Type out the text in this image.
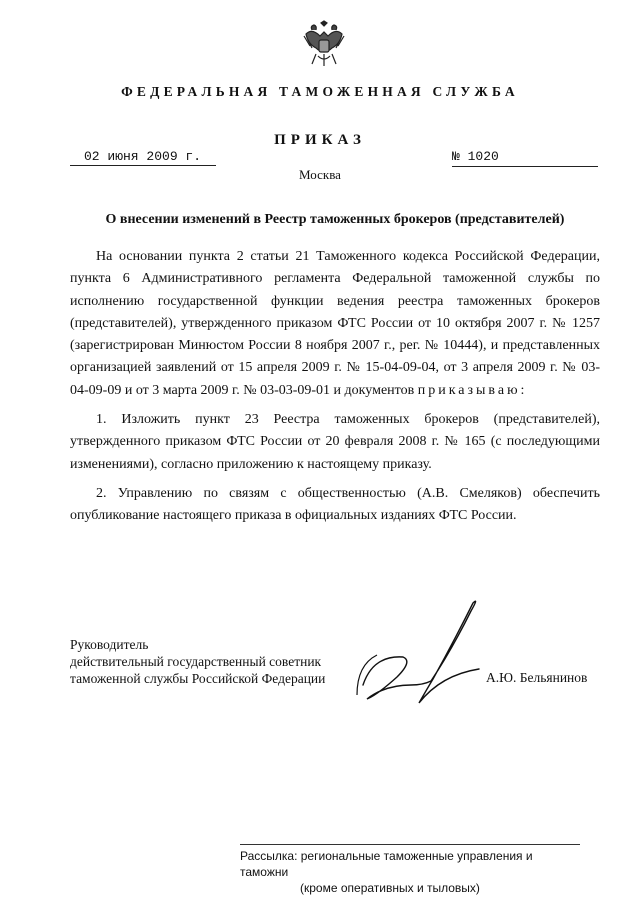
ФЕДЕРАЛЬНАЯ ТАМОЖЕННАЯ СЛУЖБА
ПРИКАЗ
02 июня 2009 г.	№ 1020
Москва
О внесении изменений в Реестр таможенных брокеров (представителей)

На основании пункта 2 статьи 21 Таможенного кодекса Российской Федерации, пункта 6 Административного регламента Федеральной таможенной службы по исполнению государственной функции ведения реестра таможенных брокеров (представителей), утвержденного приказом ФТС России от 10 октября 2007 г. № 1257 (зарегистрирован Минюстом России 8 ноября 2007 г., рег. № 10444), и представленных организацией заявлений от 15 апреля 2009 г. № 15-04-09-04, от 3 апреля 2009 г. № 03-04-09-09 и от 3 марта 2009 г. № 03-03-09-01 и документов приказываю:

1. Изложить пункт 23 Реестра таможенных брокеров (представителей), утвержденного приказом ФТС России от 20 февраля 2008 г. № 165 (с последующими изменениями), согласно приложению к настоящему приказу.

2. Управлению по связям с общественностью (А.В. Смеляков) обеспечить опубликование настоящего приказа в официальных изданиях ФТС России.

Руководитель
действительный государственный советник
таможенной службы Российской Федерации	А.Ю. Бельянинов
Рассылка: региональные таможенные управления и таможни
(кроме оперативных и тыловых)
